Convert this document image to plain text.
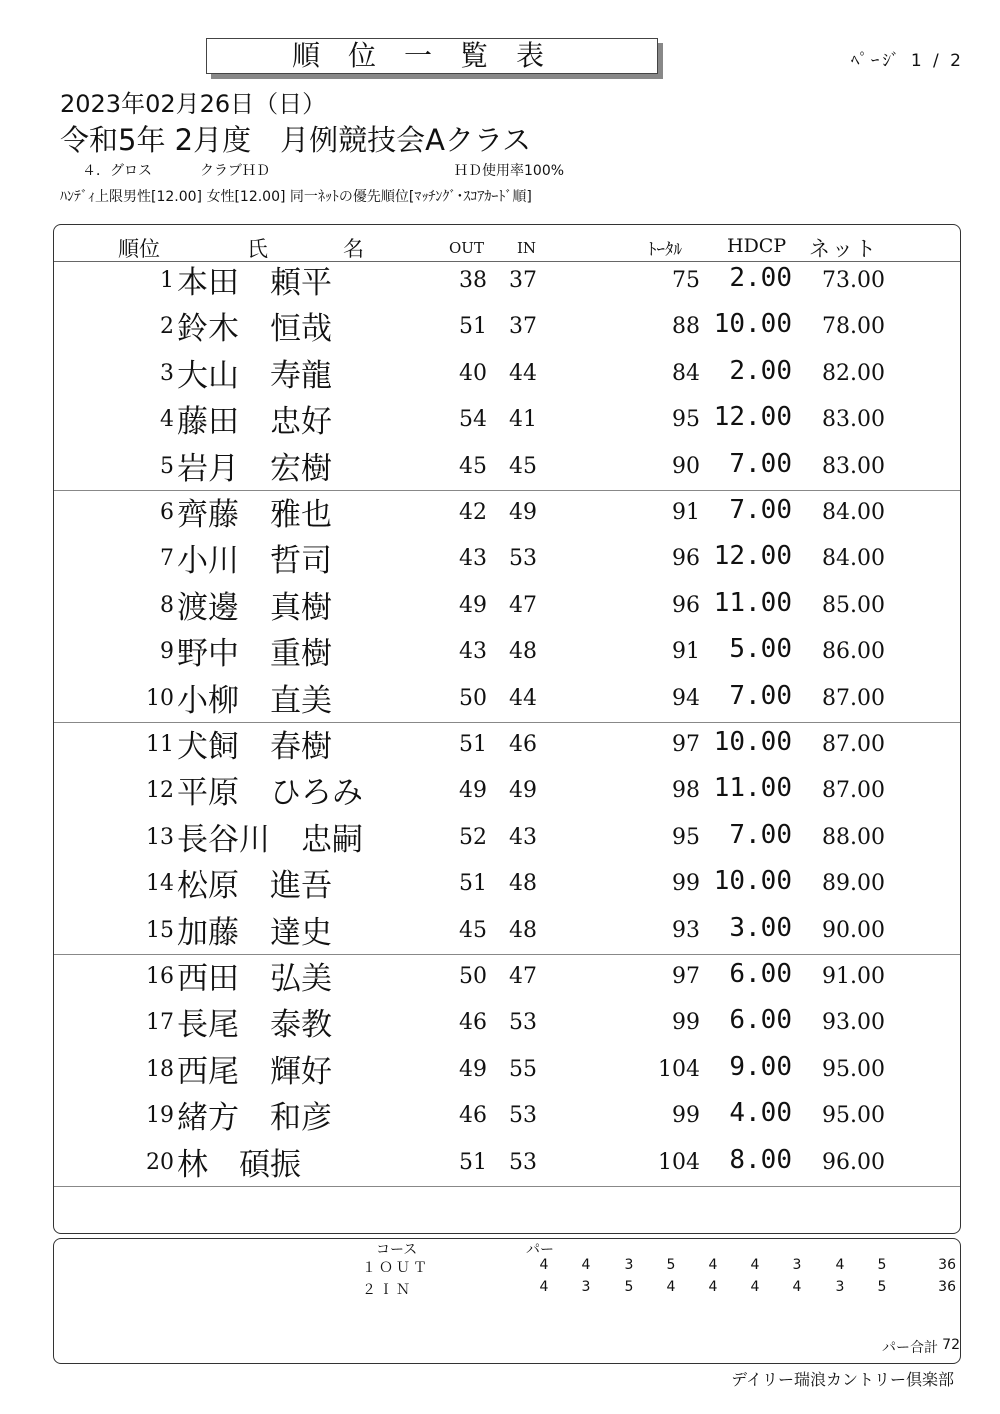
順位一覧表	ﾍﾟｰｼﾞ 1 / 2
2023年02月26日（日）
令和5年 2月度　月例競技会Aクラス
４．グロス	クラブＨＤ	ＨＤ使用率100%
ﾊﾝﾃﾞｨ上限男性[12.00] 女性[12.00] 同一ﾈｯﾄの優先順位[ﾏｯﾁﾝｸﾞ･ｽｺｱｶｰﾄﾞ順]
順位	氏	名	OUT IN	ﾄｰﾀﾙ HDCP ネット
1 本田　頼平	38 37	75 2.00 73.00
2 鈴木　恒哉	51 37	88 10.00 78.00
3 大山　寿龍	40 44	84 2.00 82.00
4 藤田　忠好	54 41	95 12.00 83.00
5 岩月　宏樹	45 45	90 7.00 83.00
6 齊藤　雅也	42 49	91 7.00 84.00
7 小川　哲司	43 53	96 12.00 84.00
8 渡邊　真樹	49 47	96 11.00 85.00
9 野中　重樹	43 48	91 5.00 86.00
10 小柳　直美	50 44	94 7.00 87.00
11 犬飼　春樹	51 46	97 10.00 87.00
12 平原　ひろみ	49 49	98 11.00 87.00
13 長谷川　忠嗣	52 43	95 7.00 88.00
14 松原　進吾	51 48	99 10.00 89.00
15 加藤　達史	45 48	93 3.00 90.00
16 西田　弘美	50 47	97 6.00 91.00
17 長尾　泰教	46 53	99 6.00 93.00
18 西尾　輝好	49 55	104 9.00 95.00
19 緒方　和彦	46 53	99 4.00 95.00
20 林　碩振	51 53	104 8.00 96.00
コース	パー
パー合計 72
１ＯＵＴ	4	4	3	5	4	4	3	4	5	36
２ＩＮ	4	3	5	4	4	4	4	3	5	36
デイリー瑞浪カントリー倶楽部
